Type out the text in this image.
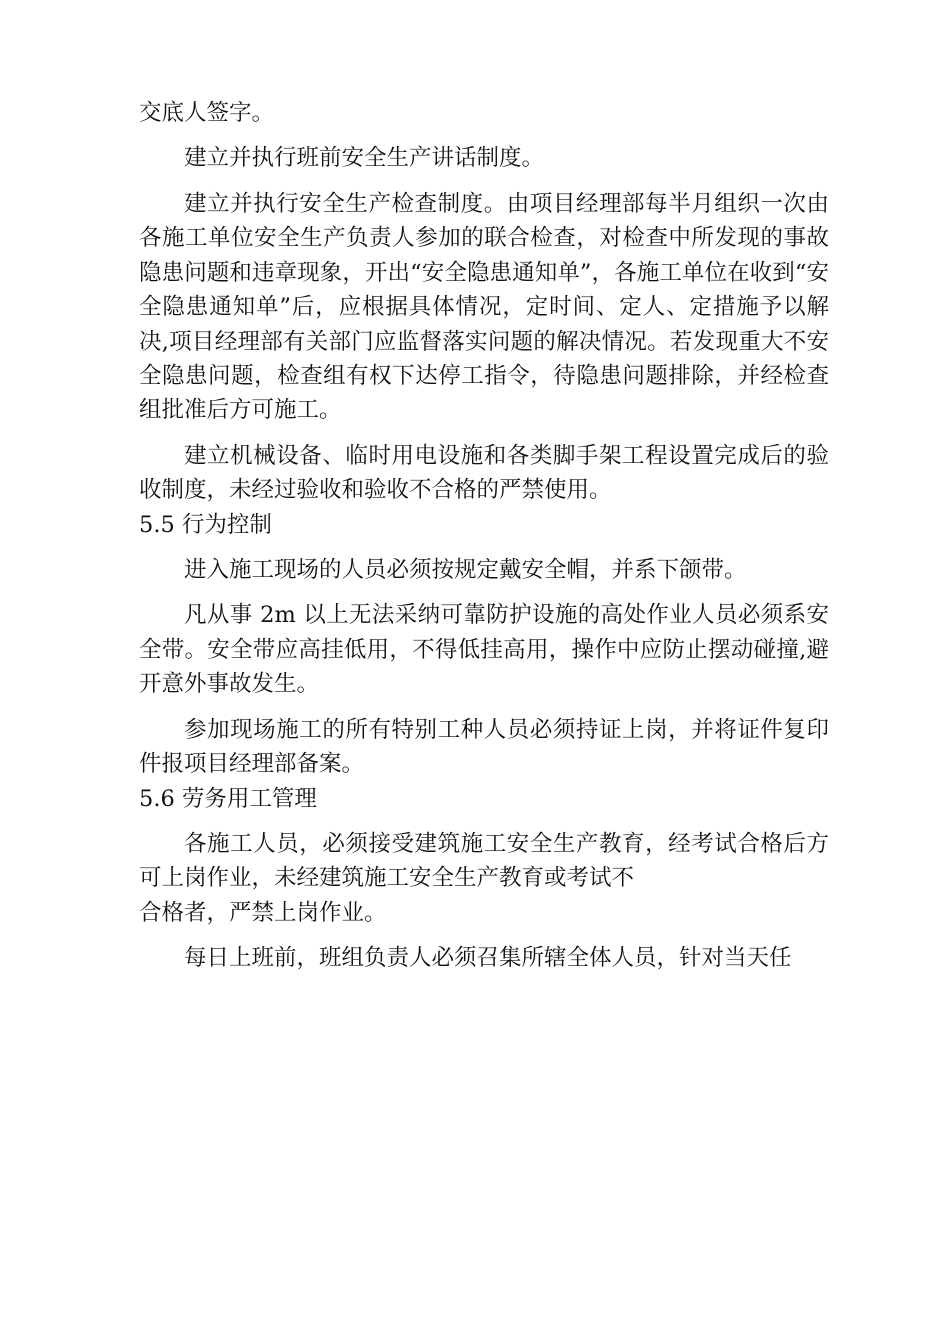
交底人签字。

建立并执行班前安全生产讲话制度。

建立并执行安全生产检查制度。由项目经理部每半月组织一次由各施工单位安全生产负责人参加的联合检查，对检查中所发现的事故隐患问题和违章现象，开出“安全隐患通知单”，各施工单位在收到“安全隐患通知单”后，应根据具体情况，定时间、定人、定措施予以解决,项目经理部有关部门应监督落实问题的解决情况。若发现重大不安全隐患问题，检查组有权下达停工指令，待隐患问题排除，并经检查组批准后方可施工。

建立机械设备、临时用电设施和各类脚手架工程设置完成后的验收制度，未经过验收和验收不合格的严禁使用。

5.5 行为控制

进入施工现场的人员必须按规定戴安全帽，并系下颌带。

凡从事 2m 以上无法采纳可靠防护设施的高处作业人员必须系安全带。安全带应高挂低用，不得低挂高用，操作中应防止摆动碰撞,避开意外事故发生。

参加现场施工的所有特别工种人员必须持证上岗，并将证件复印件报项目经理部备案。

5.6 劳务用工管理

各施工人员，必须接受建筑施工安全生产教育，经考试合格后方可上岗作业，未经建筑施工安全生产教育或考试不

合格者，严禁上岗作业。

每日上班前，班组负责人必须召集所辖全体人员，针对当天任
